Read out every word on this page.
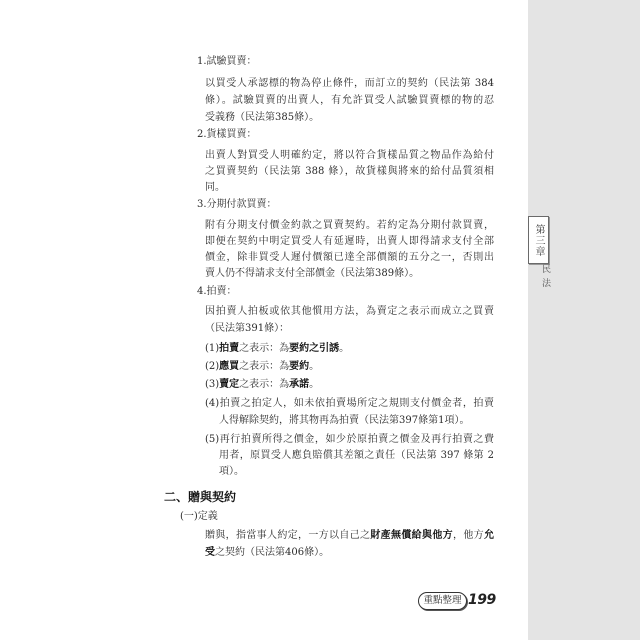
1.試驗買賣：
以買受人承認標的物為停止條件，而訂立的契約（民法第 384
條）。試驗買賣的出賣人，有允許買受人試驗買賣標的物的忍
受義務（民法第385條）。
2.貨樣買賣：
出賣人對買受人明確約定，將以符合貨樣品質之物品作為給付
之買賣契約（民法第 388 條），故貨樣與將來的給付品質須相
同。
3.分期付款買賣：
附有分期支付價金約款之買賣契約。若約定為分期付款買賣，
即便在契約中明定買受人有延遲時，出賣人即得請求支付全部
價金，除非買受人遲付價額已達全部價額的五分之一，否則出
賣人仍不得請求支付全部價金（民法第389條）。
4.拍賣：
因拍賣人拍板或依其他慣用方法，為賣定之表示而成立之買賣
（民法第391條）：
(1)拍賣之表示：為要約之引誘。
(2)應買之表示：為要約。
(3)賣定之表示：為承諾。
(4)拍賣之拍定人，如未依拍賣場所定之規則支付價金者，拍賣
人得解除契約，將其物再為拍賣（民法第397條第1項）。
(5)再行拍賣所得之價金，如少於原拍賣之價金及再行拍賣之費
用者，原買受人應負賠償其差額之責任（民法第 397 條第 2
項）。
二、贈與契約
(一)定義
贈與，指當事人約定，一方以自己之財產無償給與他方，他方允
受之契約（民法第406條）。
第三章
民法
重點整理 199
